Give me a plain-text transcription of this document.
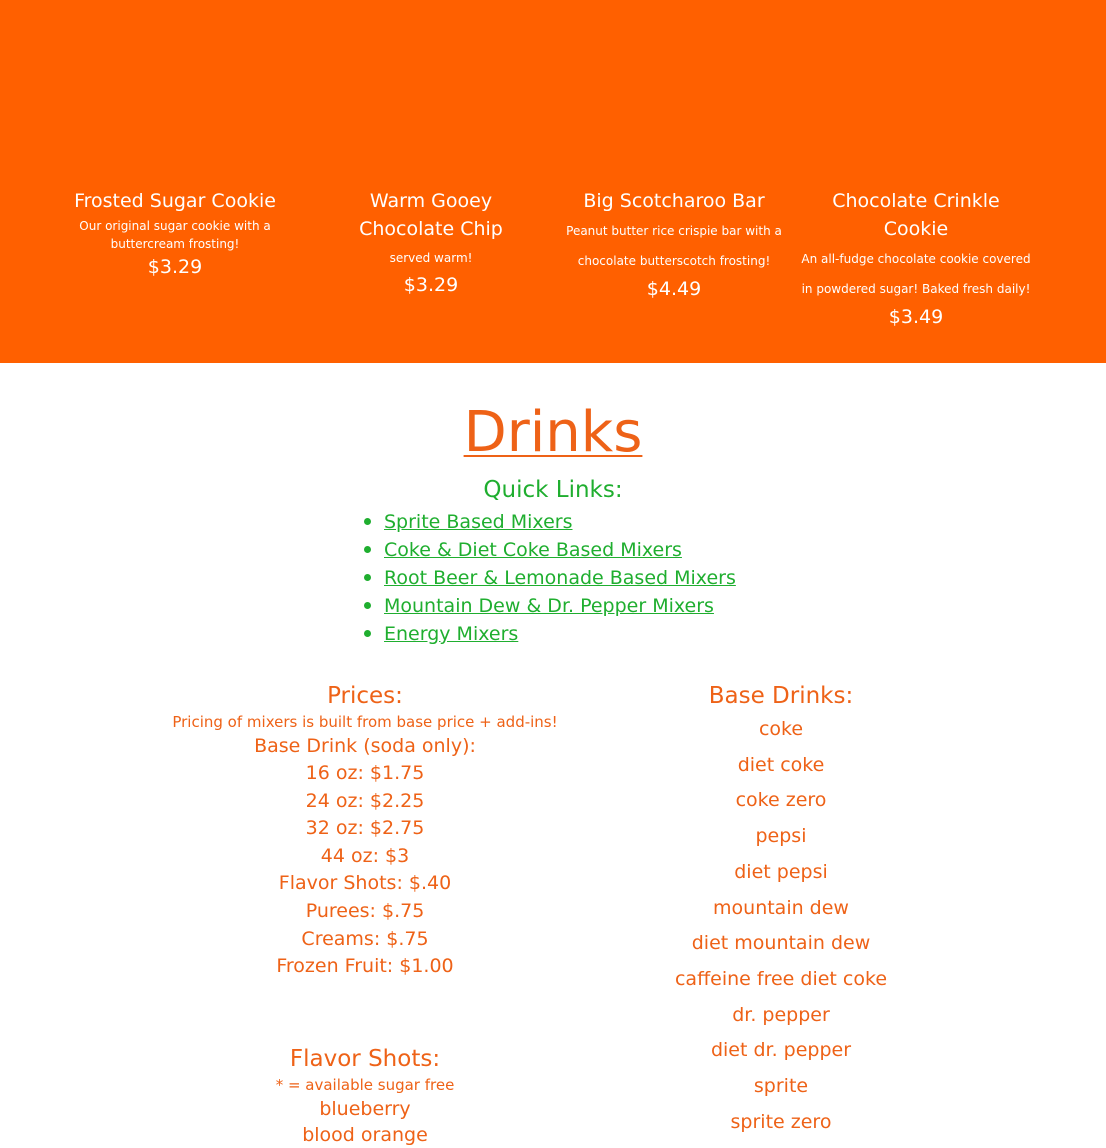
Frosted Sugar Cookie
Our original sugar cookie with a
buttercream frosting!
$3.29
Warm Gooey
Chocolate Chip
served warm!
$3.29
Big Scotcharoo Bar
Peanut butter rice crispie bar with a
chocolate butterscotch frosting!
$4.49
Chocolate Crinkle Cookie
An all-fudge chocolate cookie covered
in powdered sugar! Baked fresh daily!
$3.49
Drinks
Quick Links:
Sprite Based Mixers
Coke & Diet Coke Based Mixers
Root Beer & Lemonade Based Mixers
Mountain Dew & Dr. Pepper Mixers
Energy Mixers
Prices:
Pricing of mixers is built from base price + add-ins!
Base Drink (soda only):
16 oz: $1.75
24 oz: $2.25
32 oz: $2.75
44 oz: $3
Flavor Shots: $.40
Purees: $.75
Creams: $.75
Frozen Fruit: $1.00
Flavor Shots:
* = available sugar free
blueberry
blood orange
Base Drinks:
coke
diet coke
coke zero
pepsi
diet pepsi
mountain dew
diet mountain dew
caffeine free diet coke
dr. pepper
diet dr. pepper
sprite
sprite zero
